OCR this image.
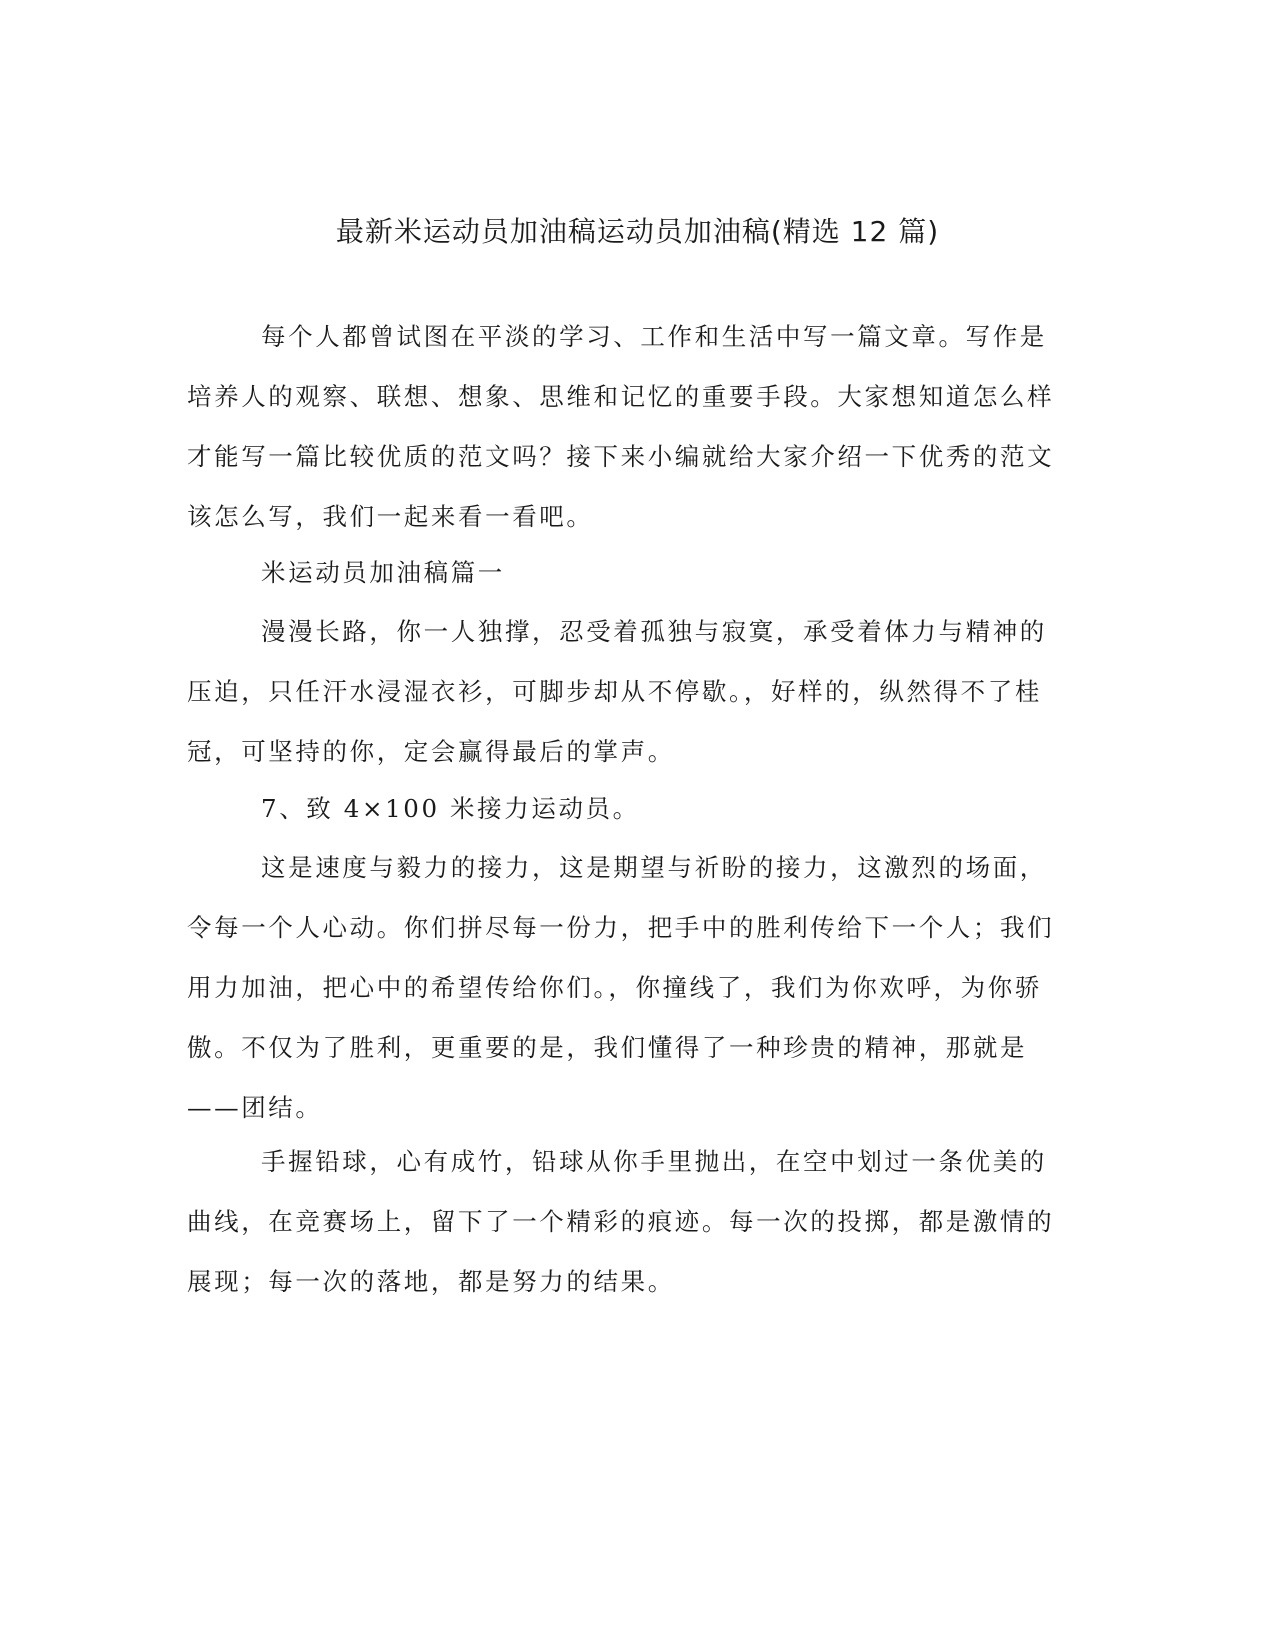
最新米运动员加油稿运动员加油稿(精选 12 篇)

每个人都曾试图在平淡的学习、工作和生活中写一篇文章。写作是培养人的观察、联想、想象、思维和记忆的重要手段。大家想知道怎么样才能写一篇比较优质的范文吗？接下来小编就给大家介绍一下优秀的范文该怎么写，我们一起来看一看吧。

米运动员加油稿篇一

漫漫长路，你一人独撑，忍受着孤独与寂寞，承受着体力与精神的压迫，只任汗水浸湿衣衫，可脚步却从不停歇。，好样的，纵然得不了桂冠，可坚持的你，定会赢得最后的掌声。

7、致 4×100 米接力运动员。

这是速度与毅力的接力，这是期望与祈盼的接力，这激烈的场面，令每一个人心动。你们拼尽每一份力，把手中的胜利传给下一个人；我们用力加油，把心中的希望传给你们。，你撞线了，我们为你欢呼，为你骄傲。不仅为了胜利，更重要的是，我们懂得了一种珍贵的精神，那就是——团结。

手握铅球，心有成竹，铅球从你手里抛出，在空中划过一条优美的曲线，在竞赛场上，留下了一个精彩的痕迹。每一次的投掷，都是激情的展现；每一次的落地，都是努力的结果。
